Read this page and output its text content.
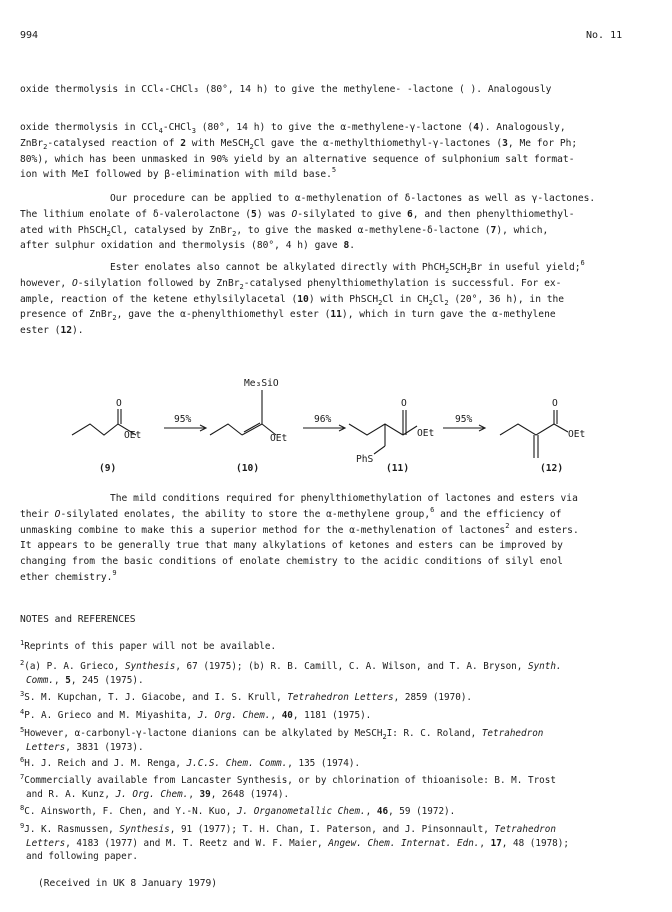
994	No. 11
oxide thermolysis in CCl₄-CHCl₃ (80°, 14 h) to give the methylene- -lactone ( ). Analogously
oxide thermolysis in CCl$_4$-CHCl$_3$ (80°, 14 h) to give the α-methylene-γ-lactone (4). Analogously,
ZnBr$_2$-catalysed reaction of 2 with MeSCH$_2$Cl gave the α-methylthiomethyl-γ-lactones (3, Me for Ph;
80%), which has been unmasked in 90% yield by an alternative sequence of sulphonium salt format-
ion with MeI followed by β-elimination with mild base.$^5$
Our procedure can be applied to α-methylenation of δ-lactones as well as γ-lactones.
The lithium enolate of δ-valerolactone (5) was O-silylated to give 6, and then phenylthiomethyl-
ated with PhSCH$_2$Cl, catalysed by ZnBr$_2$, to give the masked α-methylene-δ-lactone (7), which,
after sulphur oxidation and thermolysis (80°, 4 h) gave 8.
Ester enolates also cannot be alkylated directly with $PhCH_2SCH_2Br$ in useful yield;$^6$
however, O-silylation followed by ZnBr$_2$-catalysed phenylthiomethylation is successful. For ex-
ample, reaction of the ketene ethylsilylacetal (10) with PhSCH$_2$Cl in $CH_2Cl_2$ (20°, 36 h), in the
presence of ZnBr$_2$, gave the α-phenylthiomethyl ester (11), which in turn gave the α-methylene
ester (12).
O
OEt
(9)
95%
Me₃SiO
OEt
(10)
96%
O
OEt
PhS
(11)
95%
O
OEt
(12)
The mild conditions required for phenylthiomethylation of lactones and esters via
their O-silylated enolates, the ability to store the α-methylene group,$^6$ and the efficiency of
unmasking combine to make this a superior method for the α-methylenation of lactones$^2$ and esters.
It appears to be generally true that many alkylations of ketones and esters can be improved by
changing from the basic conditions of enolate chemistry to the acidic conditions of silyl enol
ether chemistry.$^9$
NOTES and REFERENCES
$^1$Reprints of this paper will not be available.
$^2$(a) P. A. Grieco, Synthesis, 67 (1975); (b) R. B. Camill, C. A. Wilson, and T. A. Bryson, Synth.
Comm., 5, 245 (1975).
$^3$S. M. Kupchan, T. J. Giacobe, and I. S. Krull, Tetrahedron Letters, 2859 (1970).
$^4$P. A. Grieco and M. Miyashita, J. Org. Chem., 40, 1181 (1975).
$^5$However, α-carbonyl-γ-lactone dianions can be alkylated by MeSCH$_2$I: R. C. Roland, Tetrahedron
Letters, 3831 (1973).
$^6$H. J. Reich and J. M. Renga, J.C.S. Chem. Comm., 135 (1974).
$^7$Commercially available from Lancaster Synthesis, or by chlorination of thioanisole: B. M. Trost
and R. A. Kunz, J. Org. Chem., 39, 2648 (1974).
$^8$C. Ainsworth, F. Chen, and Y.-N. Kuo, J. Organometallic Chem., 46, 59 (1972).
$^9$J. K. Rasmussen, Synthesis, 91 (1977); T. H. Chan, I. Paterson, and J. Pinsonnault, Tetrahedron
Letters, 4183 (1977) and M. T. Reetz and W. F. Maier, Angew. Chem. Internat. Edn., 17, 48 (1978);
and following paper.
(Received in UK 8 January 1979)
